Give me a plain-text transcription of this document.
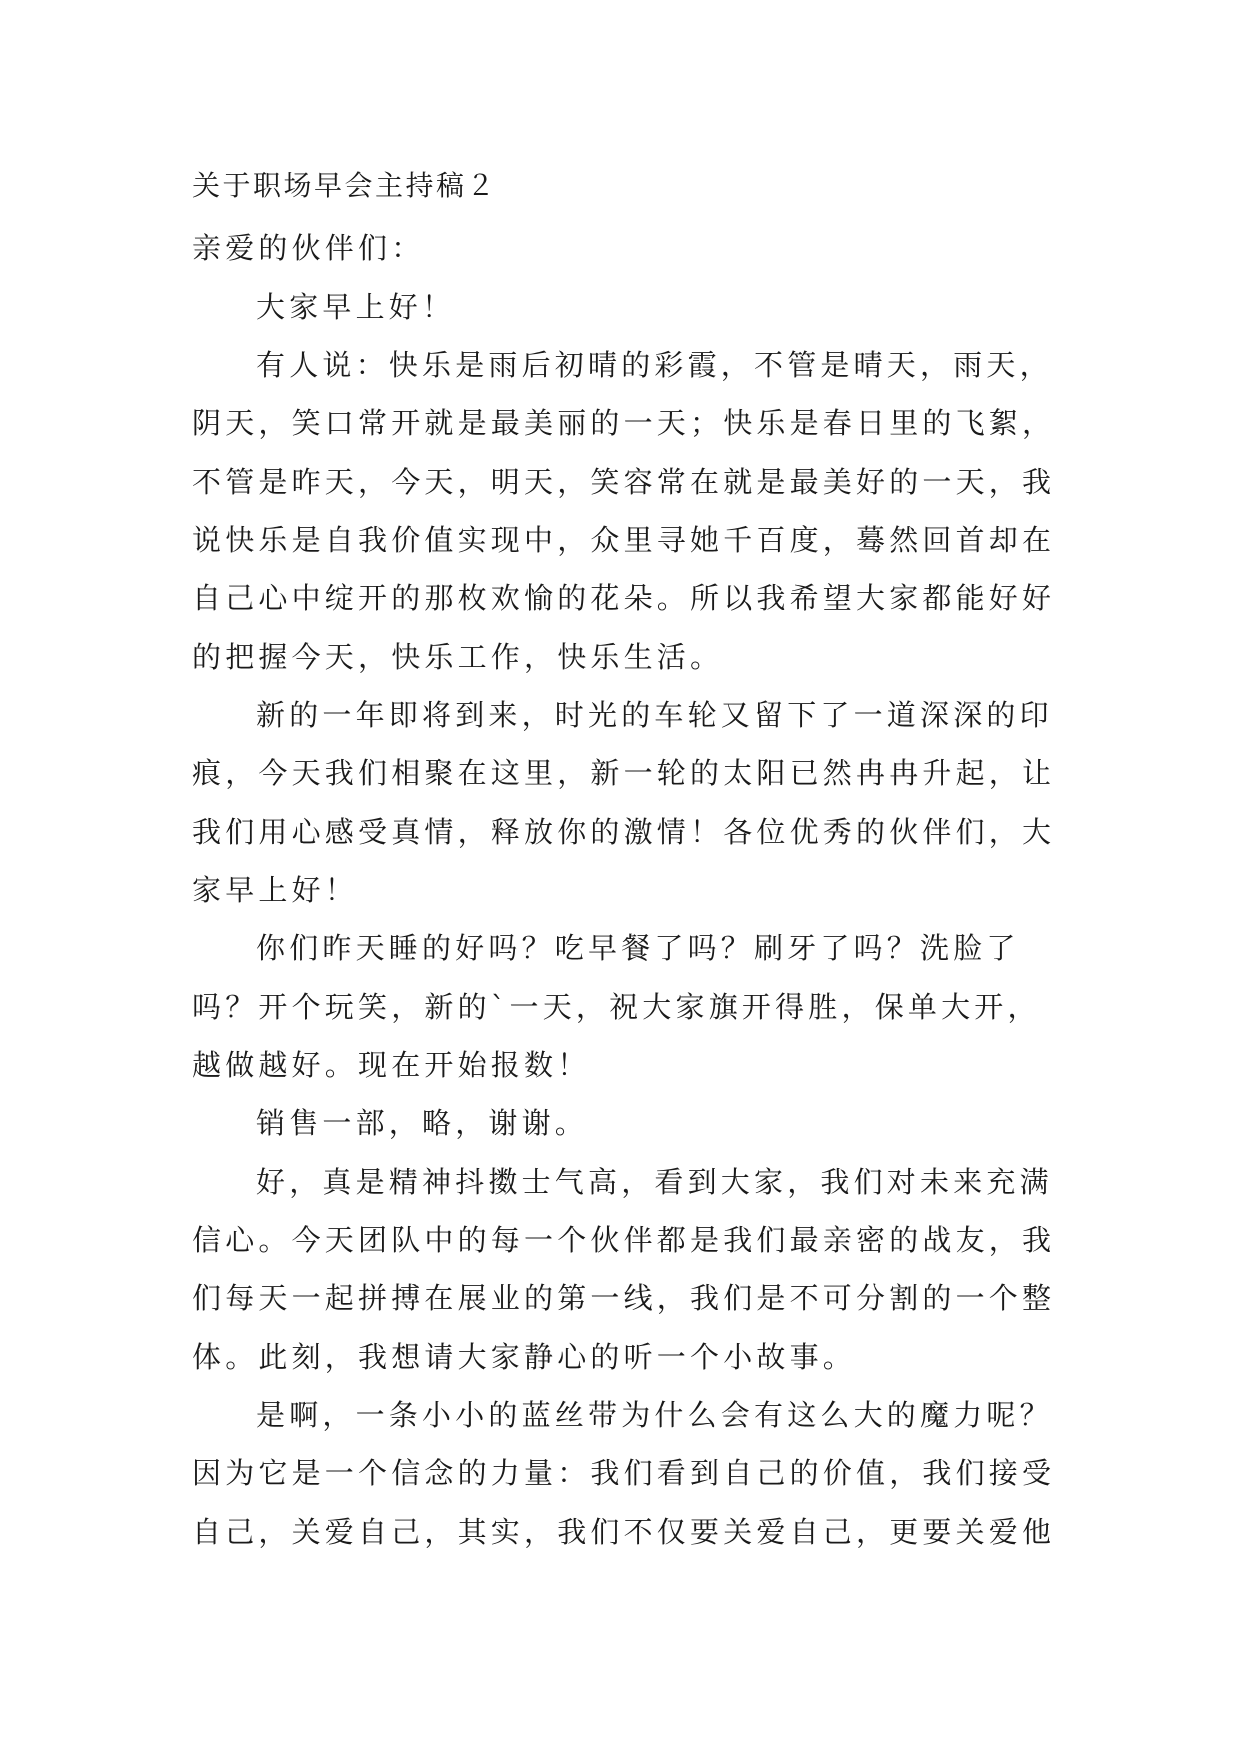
关于职场早会主持稿２
亲爱的伙伴们：
大家早上好！
有人说：快乐是雨后初晴的彩霞，不管是晴天，雨天，
阴天，笑口常开就是最美丽的一天；快乐是春日里的飞絮，
不管是昨天，今天，明天，笑容常在就是最美好的一天，我
说快乐是自我价值实现中，众里寻她千百度，蓦然回首却在
自己心中绽开的那枚欢愉的花朵。所以我希望大家都能好好
的把握今天，快乐工作，快乐生活。
新的一年即将到来，时光的车轮又留下了一道深深的印
痕，今天我们相聚在这里，新一轮的太阳已然冉冉升起，让
我们用心感受真情，释放你的激情！各位优秀的伙伴们，大
家早上好！
你们昨天睡的好吗？吃早餐了吗？刷牙了吗？洗脸了
吗？开个玩笑，新的`一天，祝大家旗开得胜，保单大开，
越做越好。现在开始报数！
销售一部，略，谢谢。
好，真是精神抖擞士气高，看到大家，我们对未来充满
信心。今天团队中的每一个伙伴都是我们最亲密的战友，我
们每天一起拼搏在展业的第一线，我们是不可分割的一个整
体。此刻，我想请大家静心的听一个小故事。
是啊，一条小小的蓝丝带为什么会有这么大的魔力呢？
因为它是一个信念的力量：我们看到自己的价值，我们接受
自己，关爱自己，其实，我们不仅要关爱自己，更要关爱他
